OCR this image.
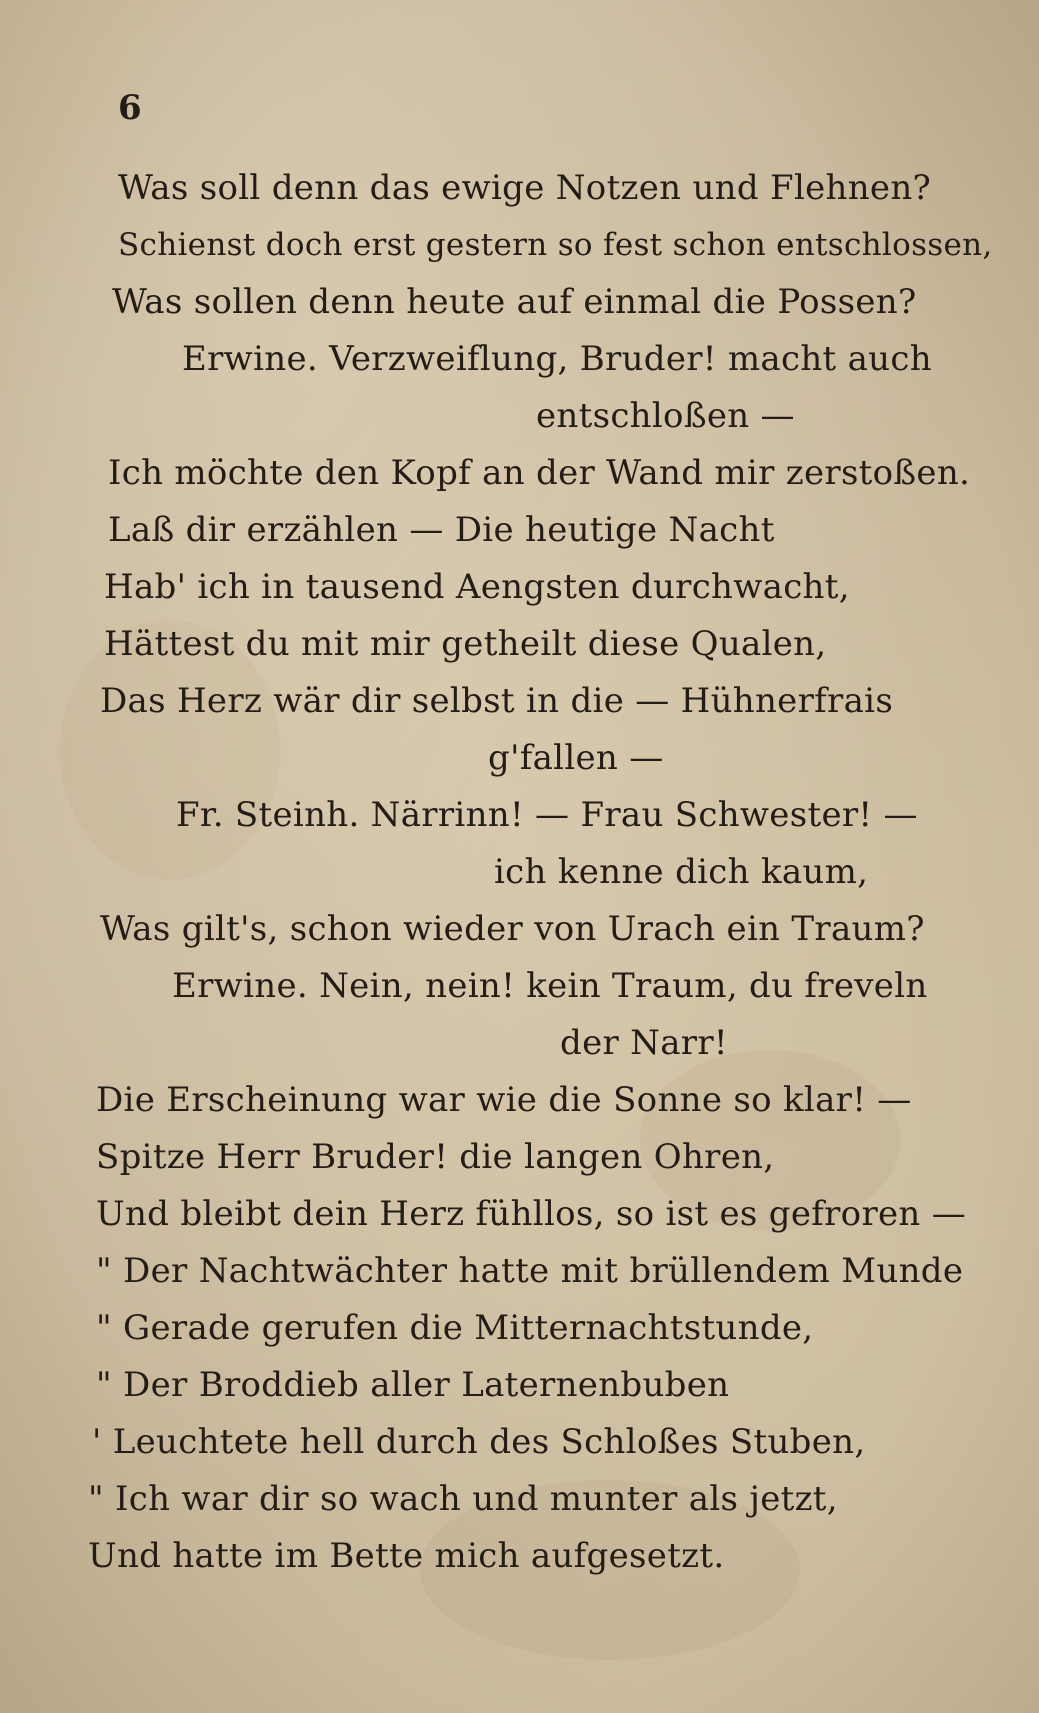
6
Was soll denn das ewige Notzen und Flehnen?
Schienst doch erst gestern so fest schon entschlossen,
Was sollen denn heute auf einmal die Possen?
Erwine. Verzweiflung, Bruder! macht auch
entschloßen —
Ich möchte den Kopf an der Wand mir zerstoßen.
Laß dir erzählen — Die heutige Nacht
Hab' ich in tausend Aengsten durchwacht,
Hättest du mit mir getheilt diese Qualen,
Das Herz wär dir selbst in die — Hühnerfrais
g'fallen —
Fr. Steinh. Närrinn! — Frau Schwester! —
ich kenne dich kaum,
Was gilt's, schon wieder von Urach ein Traum?
Erwine. Nein, nein! kein Traum, du freveln
der Narr!
Die Erscheinung war wie die Sonne so klar! —
Spitze Herr Bruder! die langen Ohren,
Und bleibt dein Herz fühllos, so ist es gefroren —
" Der Nachtwächter hatte mit brüllendem Munde
" Gerade gerufen die Mitternachtstunde,
" Der Broddieb aller Laternenbuben
' Leuchtete hell durch des Schloßes Stuben,
" Ich war dir so wach und munter als jetzt,
Und hatte im Bette mich aufgesetzt.
